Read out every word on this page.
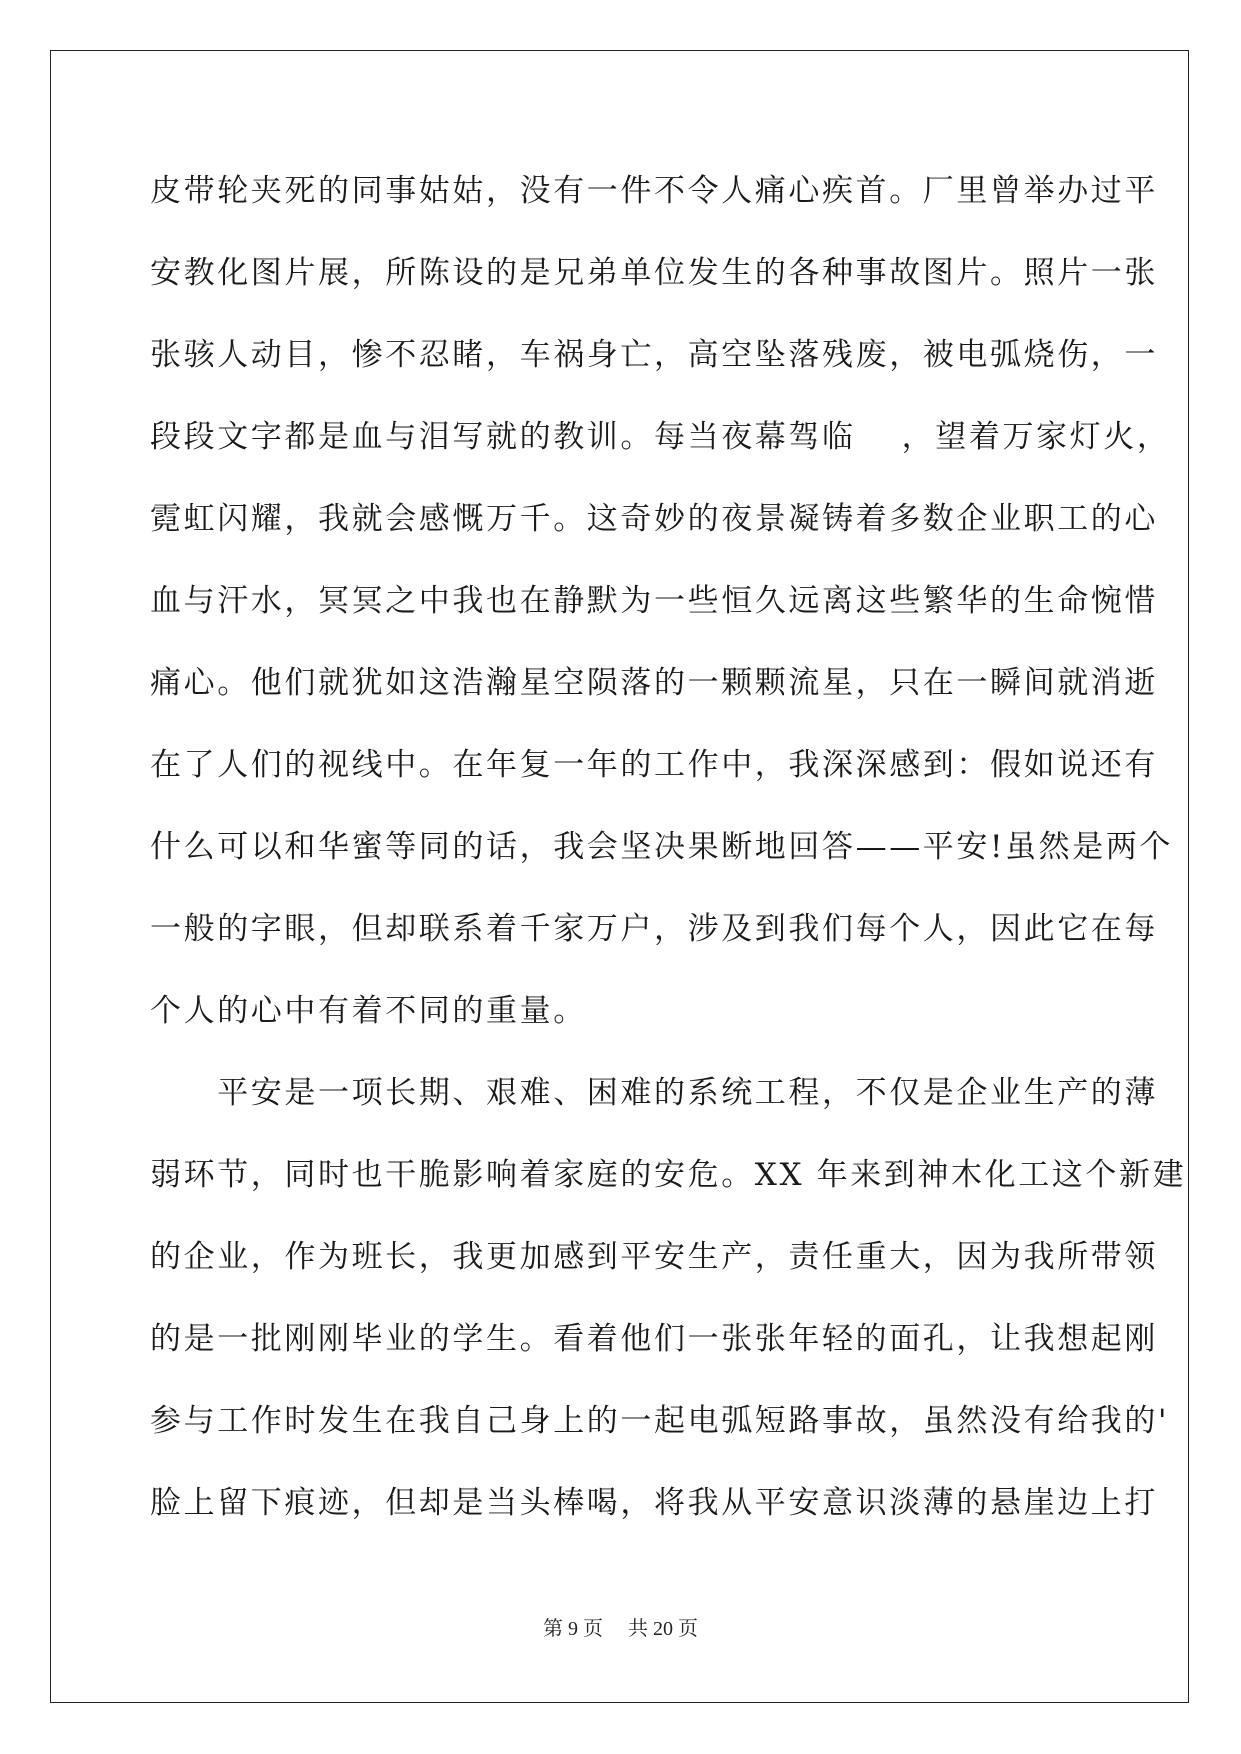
皮带轮夹死的同事姑姑，没有一件不令人痛心疾首。厂里曾举办过平
安教化图片展，所陈设的是兄弟单位发生的各种事故图片。照片一张
张骇人动目，惨不忍睹，车祸身亡，高空坠落残废，被电弧烧伤，一
段段文字都是血与泪写就的教训。每当夜幕驾临　 ，望着万家灯火，
霓虹闪耀，我就会感慨万千。这奇妙的夜景凝铸着多数企业职工的心
血与汗水，冥冥之中我也在静默为一些恒久远离这些繁华的生命惋惜
痛心。他们就犹如这浩瀚星空陨落的一颗颗流星，只在一瞬间就消逝
在了人们的视线中。在年复一年的工作中，我深深感到：假如说还有
什么可以和华蜜等同的话，我会坚决果断地回答——平安!虽然是两个
一般的字眼，但却联系着千家万户，涉及到我们每个人，因此它在每
个人的心中有着不同的重量。
　　平安是一项长期、艰难、困难的系统工程，不仅是企业生产的薄
弱环节，同时也干脆影响着家庭的安危。XX 年来到神木化工这个新建
的企业，作为班长，我更加感到平安生产，责任重大，因为我所带领
的是一批刚刚毕业的学生。看着他们一张张年轻的面孔，让我想起刚
参与工作时发生在我自己身上的一起电弧短路事故，虽然没有给我的'
脸上留下痕迹，但却是当头棒喝，将我从平安意识淡薄的悬崖边上打
第 9 页　 共 20 页
